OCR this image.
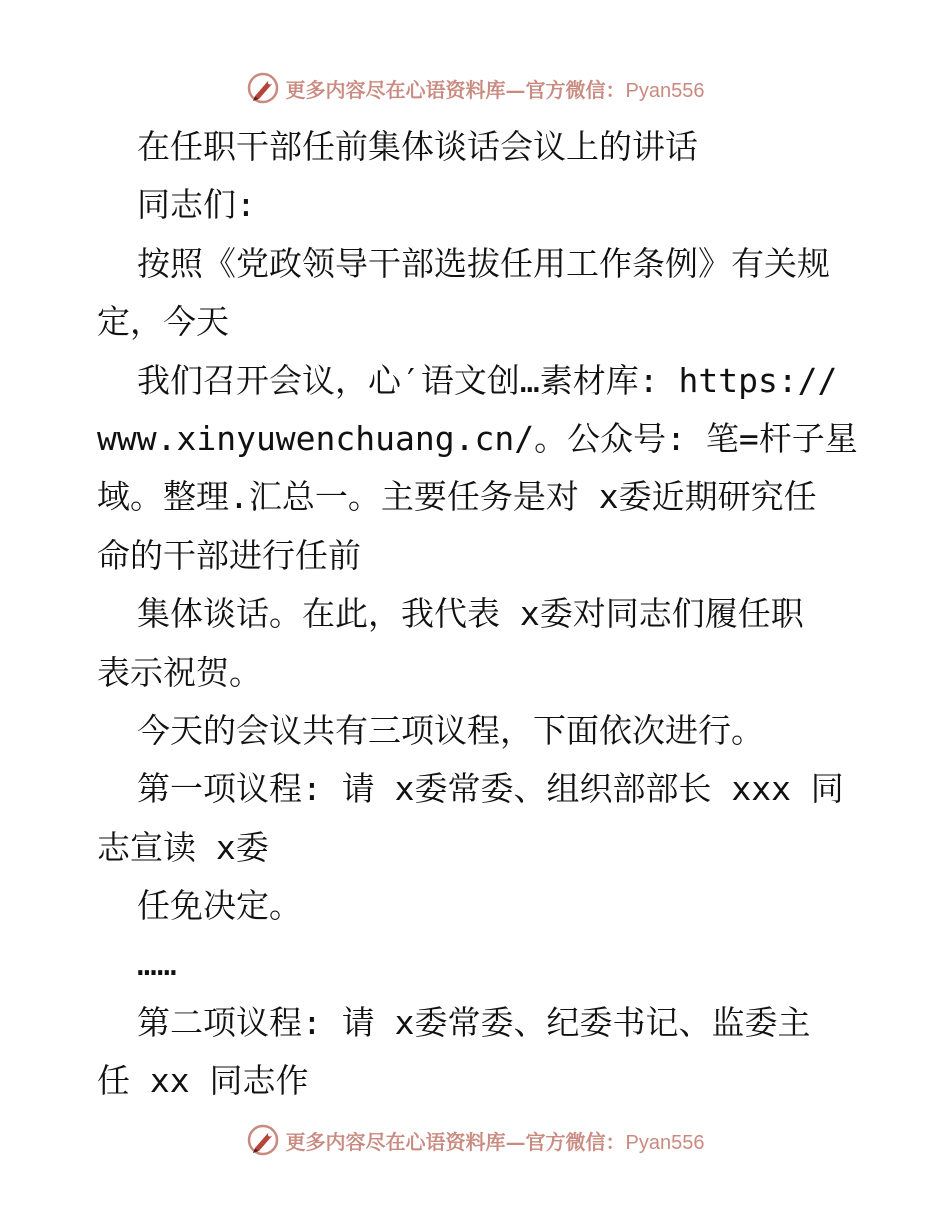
更多内容尽在心语资料库—官方微信：Pyan556
在任职干部任前集体谈话会议上的讲话
同志们:
按照《党政领导干部选拔任用工作条例》有关规
定，今天
我们召开会议，心′语文创…素材库: https://
www.xinyuwenchuang.cn/。公众号: 笔=杆子星
域。整理.汇总一。主要任务是对 x委近期研究任
命的干部进行任前
集体谈话。在此，我代表 x委对同志们履任职
表示祝贺。
今天的会议共有三项议程，下面依次进行。
第一项议程: 请 x委常委、组织部部长 xxx 同
志宣读 x委
任免决定。
……
第二项议程: 请 x委常委、纪委书记、监委主
任 xx 同志作
更多内容尽在心语资料库—官方微信：Pyan556
